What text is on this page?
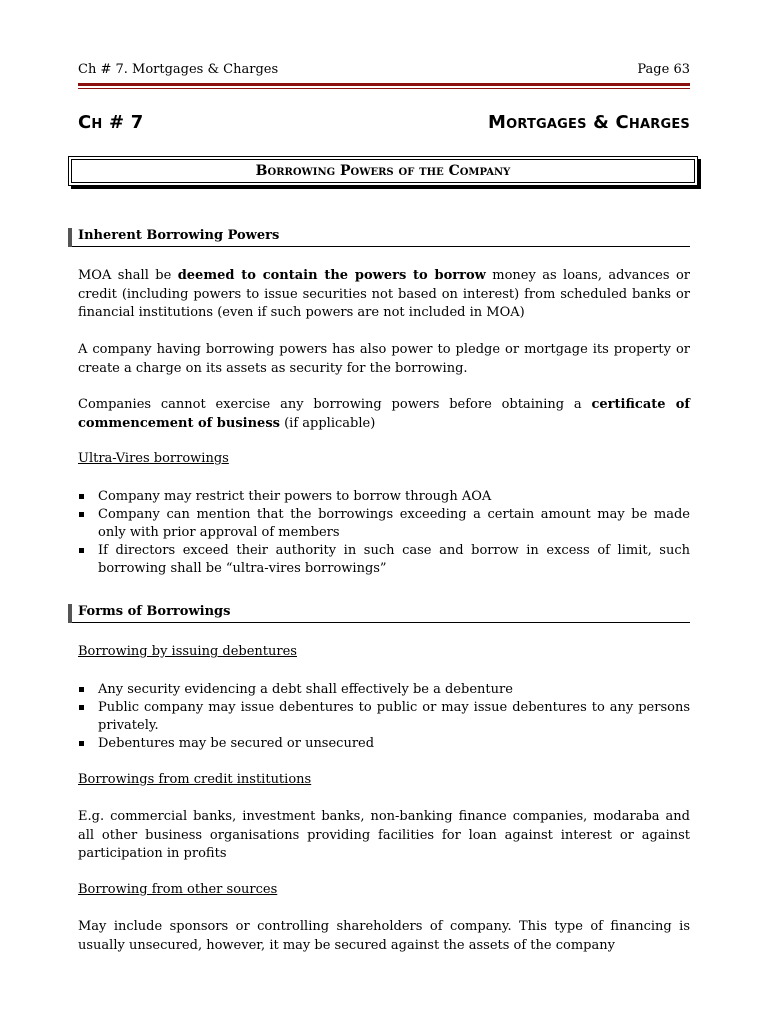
Ch # 7. Mortgages & Charges	Page 63
Ch # 7	Mortgages & Charges
Borrowing Powers of the Company
Inherent Borrowing Powers
MOA shall be deemed to contain the powers to borrow money as loans, advances or credit (including powers to issue securities not based on interest) from scheduled banks or financial institutions (even if such powers are not included in MOA)
A company having borrowing powers has also power to pledge or mortgage its property or create a charge on its assets as security for the borrowing.
Companies cannot exercise any borrowing powers before obtaining a certificate of commencement of business (if applicable)
Ultra-Vires borrowings
Company may restrict their powers to borrow through AOA
Company can mention that the borrowings exceeding a certain amount may be made only with prior approval of members
If directors exceed their authority in such case and borrow in excess of limit, such borrowing shall be “ultra-vires borrowings”
Forms of Borrowings
Borrowing by issuing debentures
Any security evidencing a debt shall effectively be a debenture
Public company may issue debentures to public or may issue debentures to any persons privately.
Debentures may be secured or unsecured
Borrowings from credit institutions
E.g. commercial banks, investment banks, non-banking finance companies, modaraba and all other business organisations providing facilities for loan against interest or against participation in profits
Borrowing from other sources
May include sponsors or controlling shareholders of company. This type of financing is usually unsecured, however, it may be secured against the assets of the company
